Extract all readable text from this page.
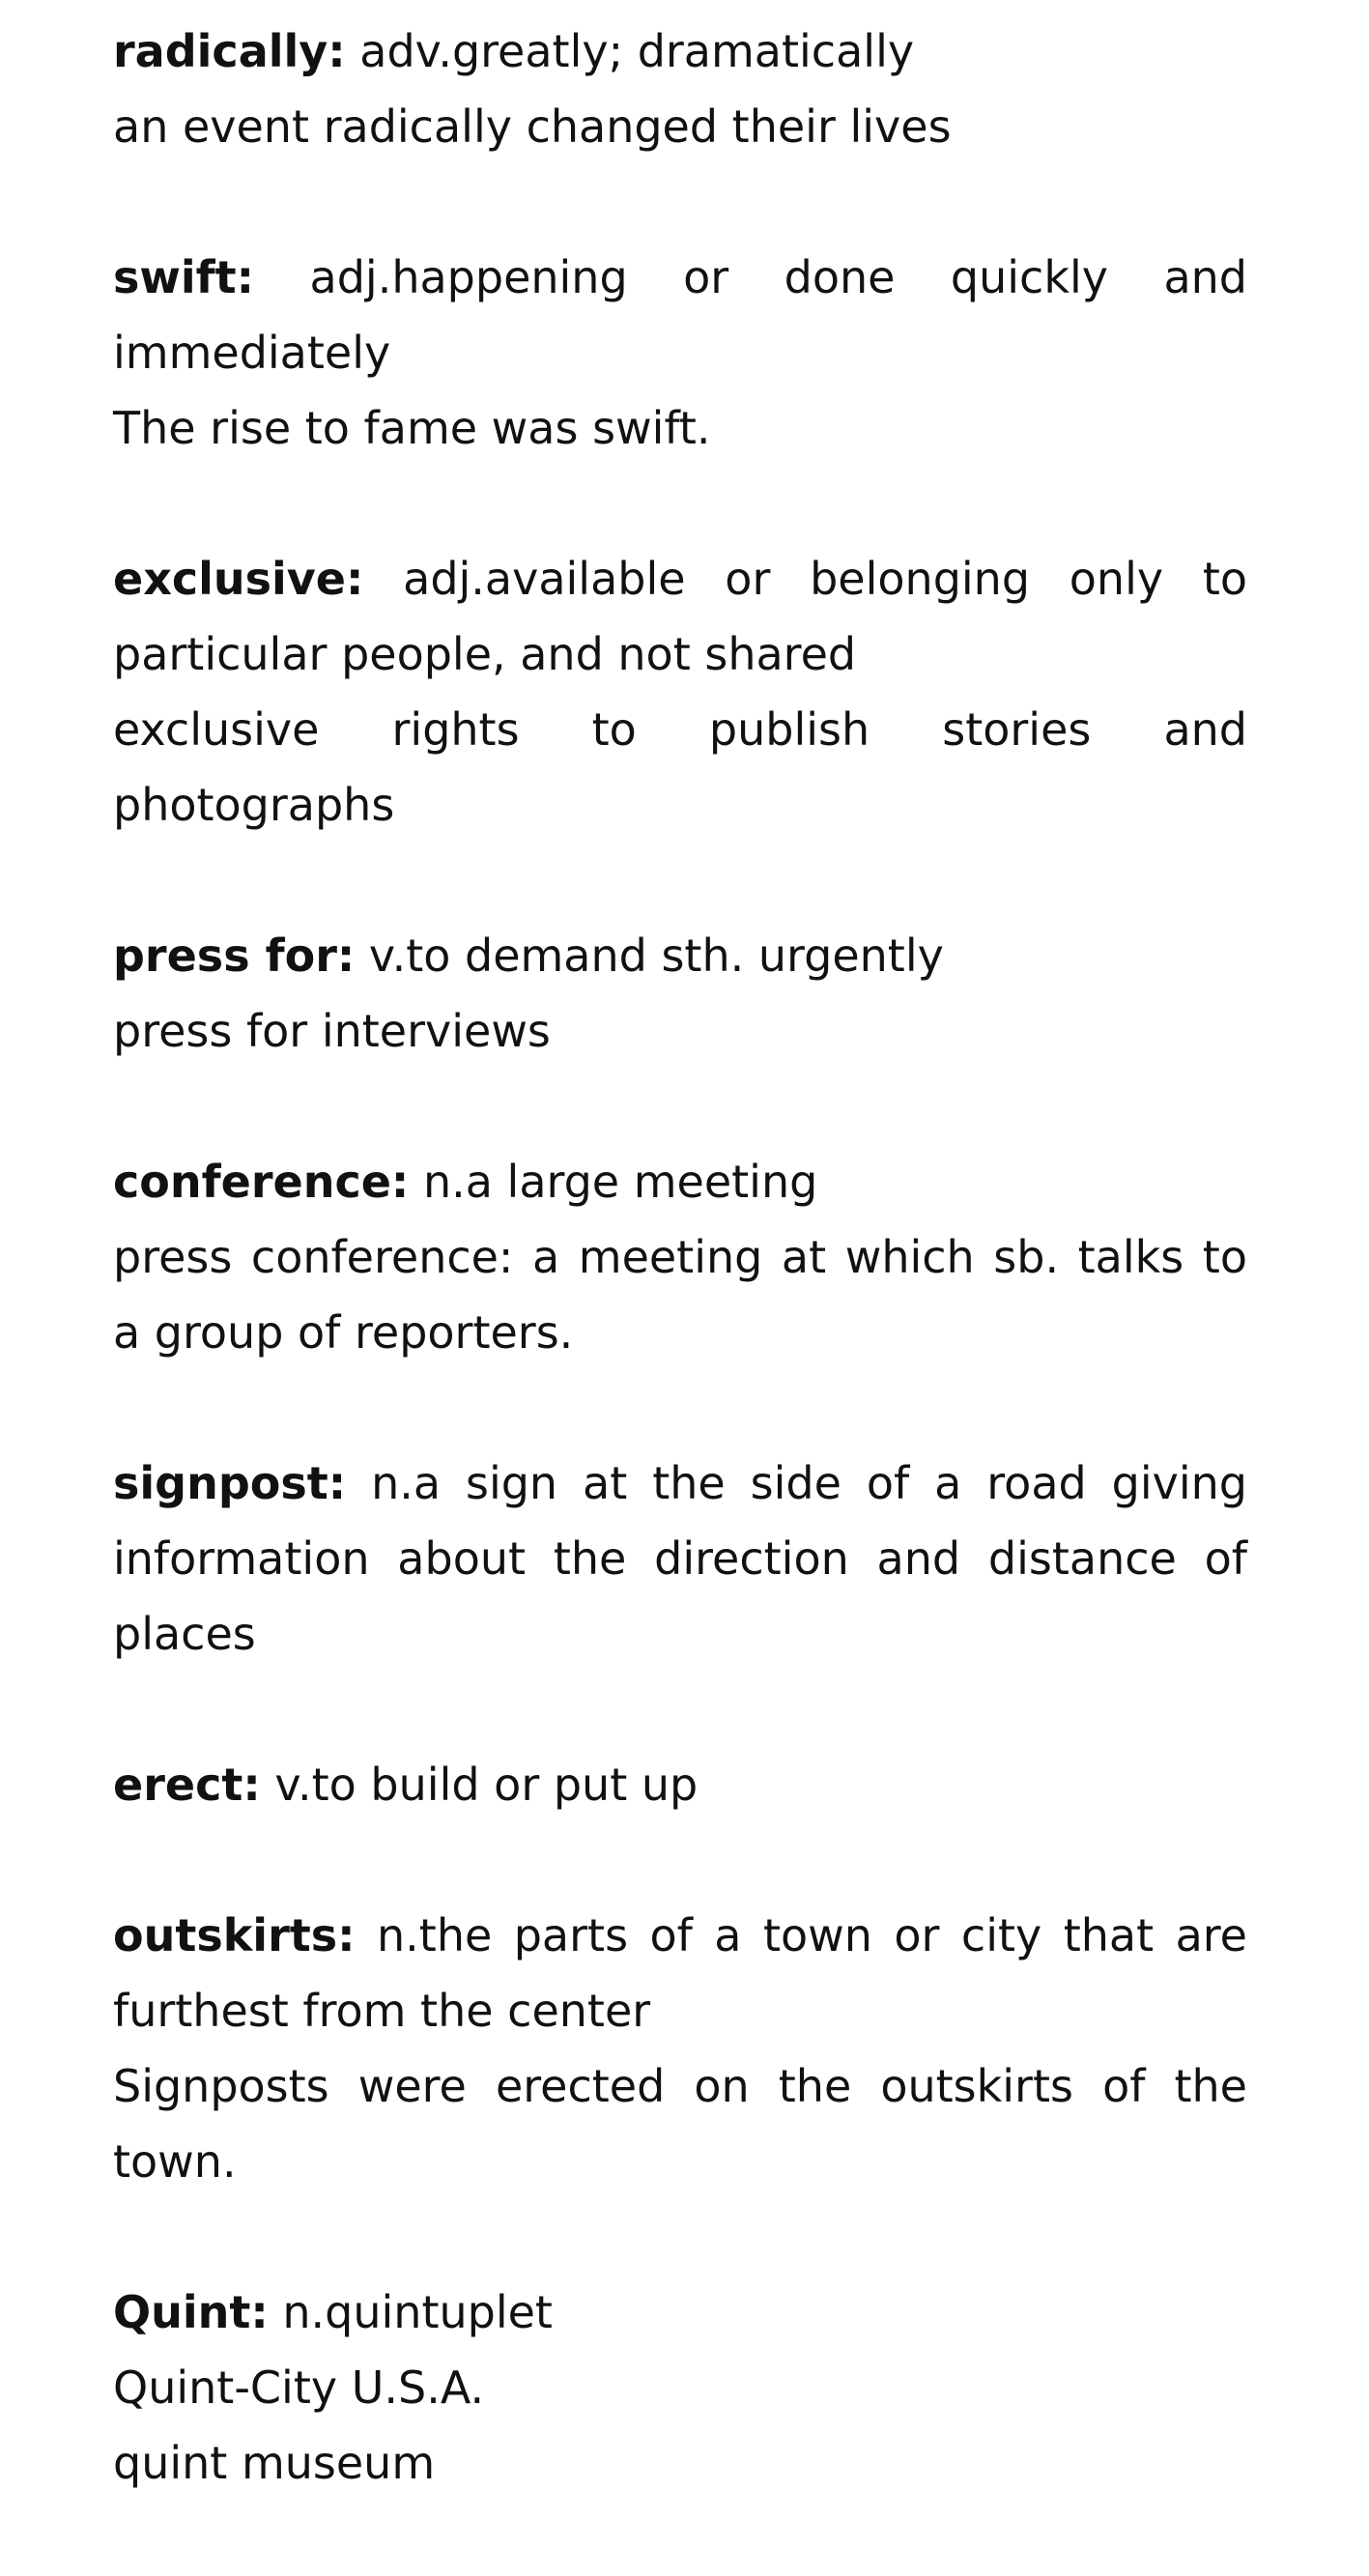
radically: adv.greatly; dramatically
an event radically changed their lives
swift: adj.happening or done quickly and immediately
The rise to fame was swift.
exclusive: adj.available or belonging only to particular people, and not shared
exclusive rights to publish stories and photographs
press for: v.to demand sth. urgently
press for interviews
conference: n.a large meeting
press conference: a meeting at which sb. talks to a group of reporters.
signpost: n.a sign at the side of a road giving information about the direction and distance of places
erect: v.to build or put up
outskirts: n.the parts of a town or city that are furthest from the center
Signposts were erected on the outskirts of the town.
Quint: n.quintuplet
Quint-City U.S.A.
quint museum
